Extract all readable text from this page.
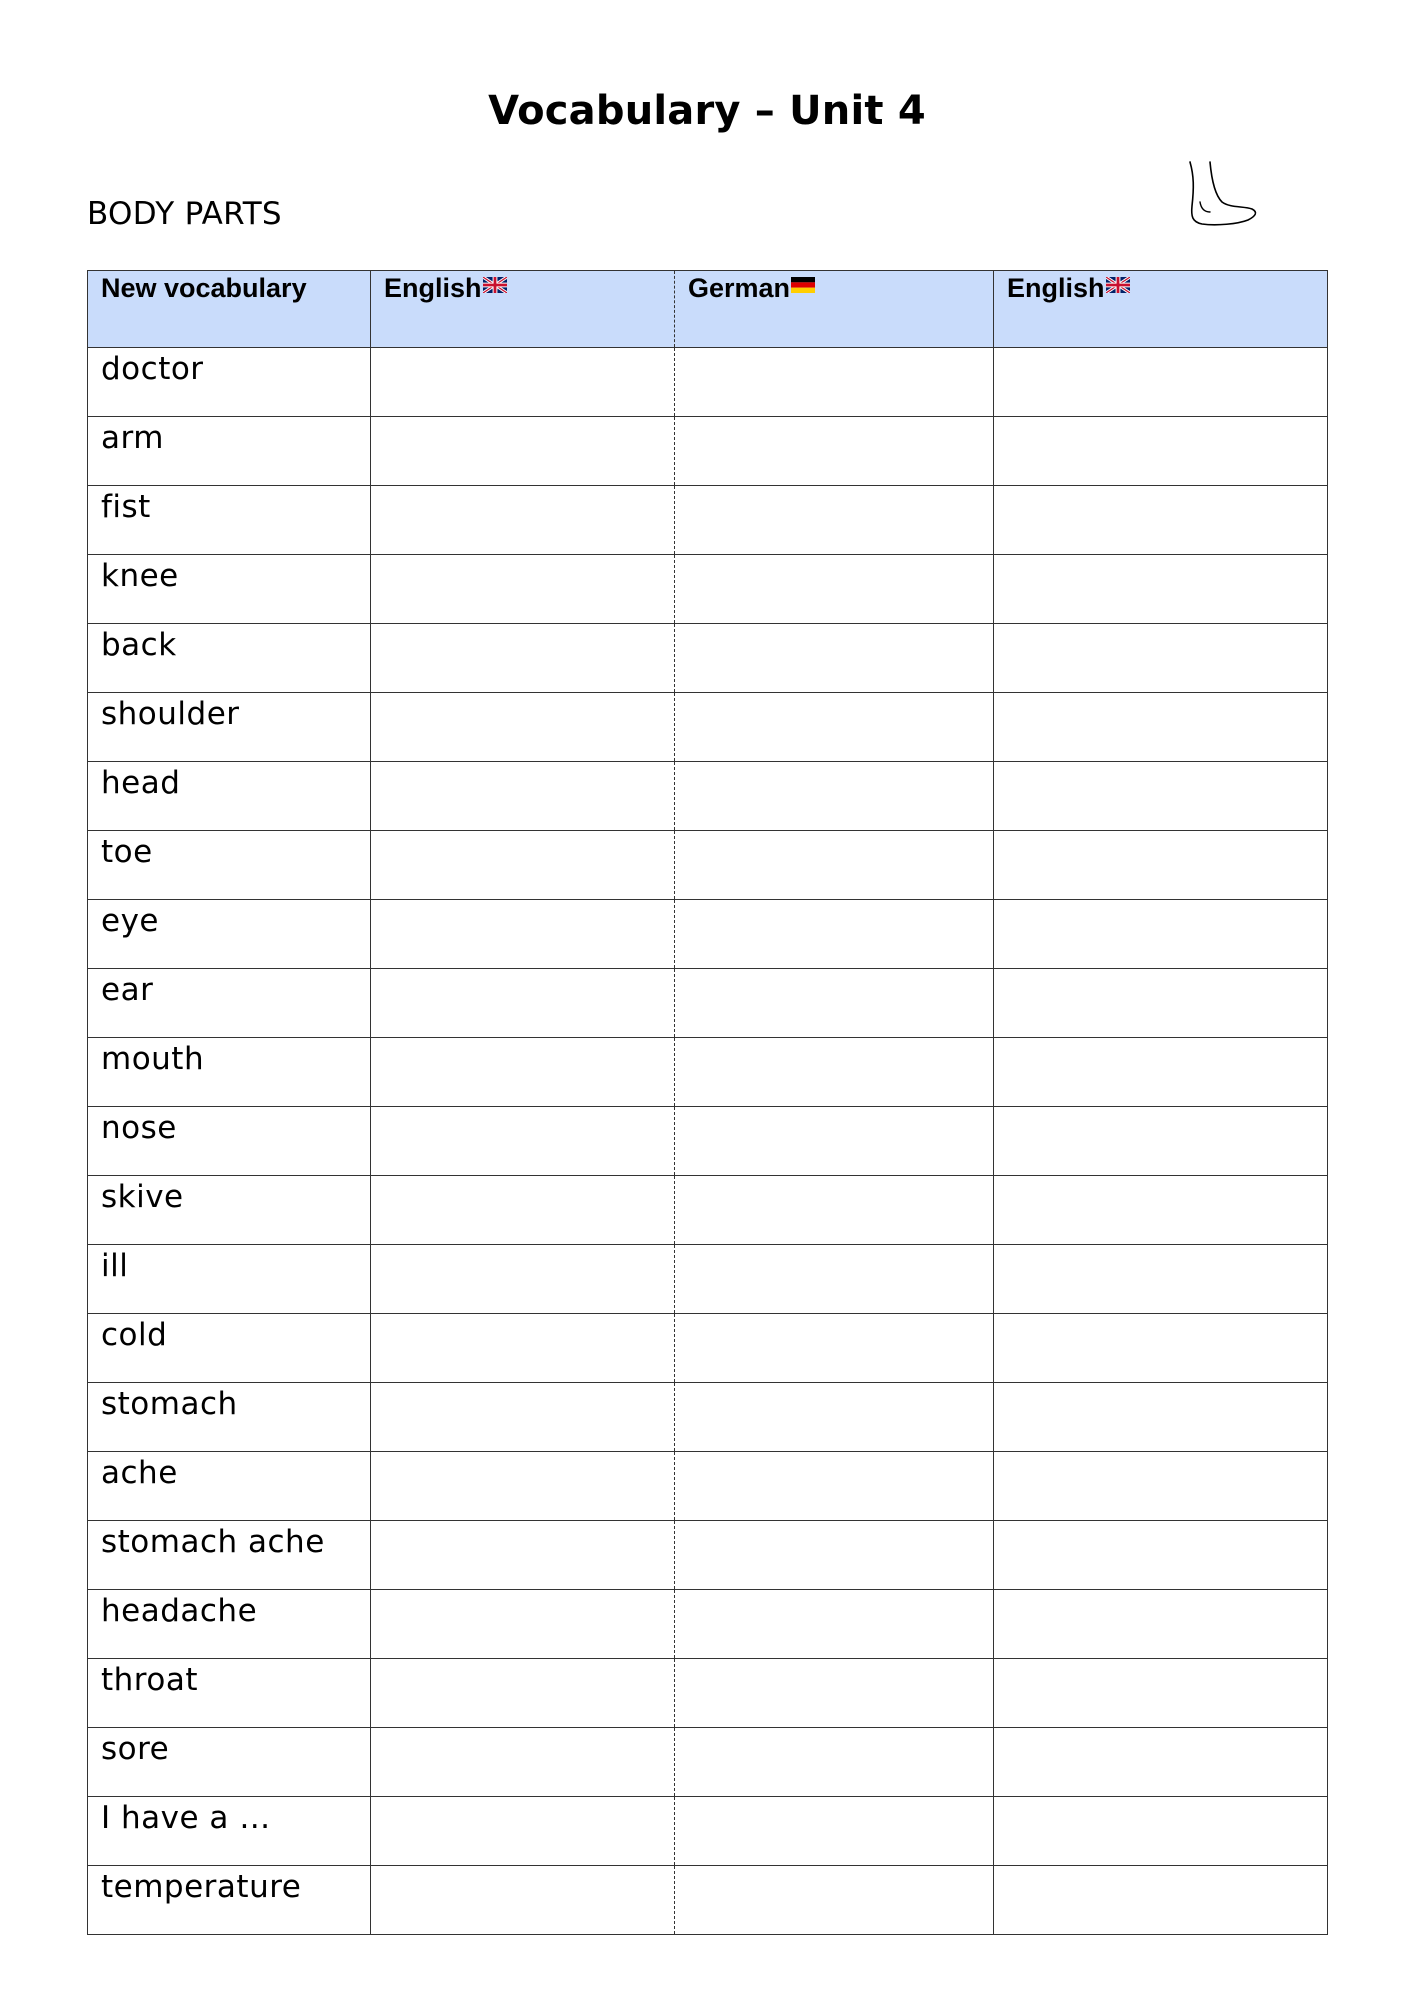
Vocabulary – Unit 4
BODY PARTS
New vocabulary	English	German	English
doctor			
arm			
fist			
knee			
back			
shoulder			
head			
toe			
eye			
ear			
mouth			
nose			
skive			
ill			
cold			
stomach			
ache			
stomach ache			
headache			
throat			
sore			
I have a …			
temperature			
